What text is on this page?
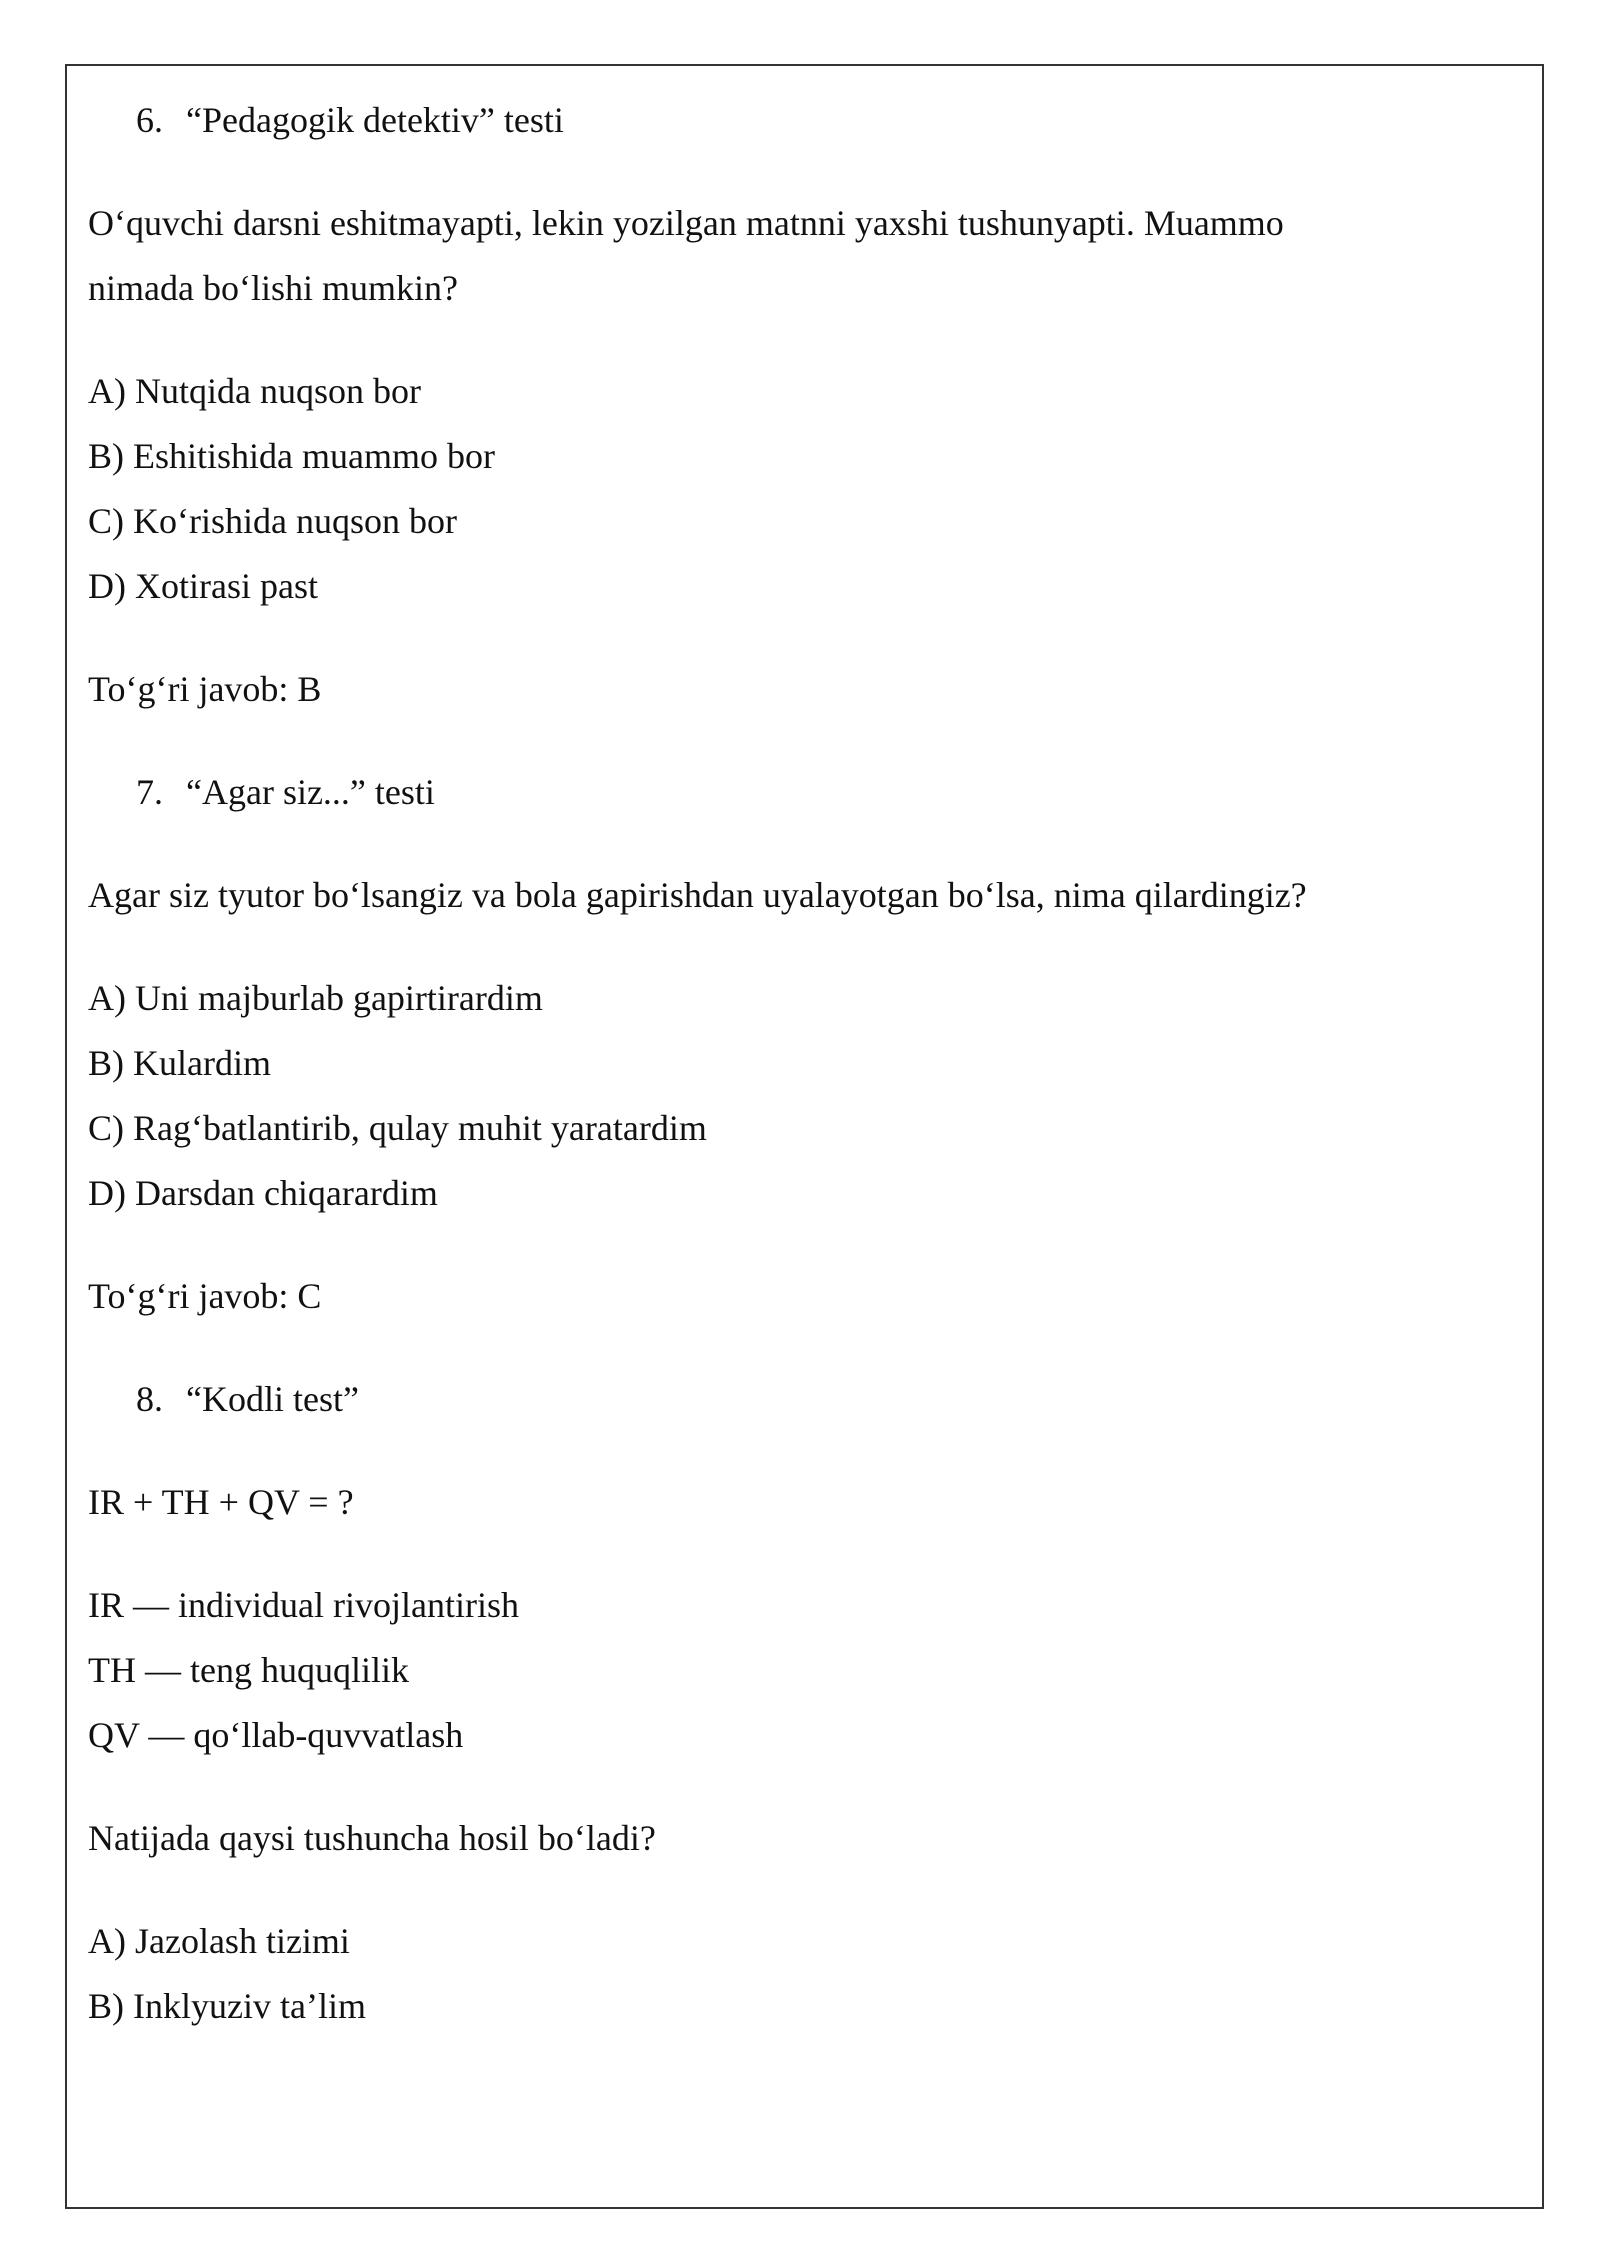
6. “Pedagogik detektiv” testi

O‘quvchi darsni eshitmayapti, lekin yozilgan matnni yaxshi tushunyapti. Muammo

nimada bo‘lishi mumkin?

A) Nutqida nuqson bor

B) Eshitishida muammo bor

C) Ko‘rishida nuqson bor

D) Xotirasi past

To‘g‘ri javob: B

7. “Agar siz...” testi

Agar siz tyutor bo‘lsangiz va bola gapirishdan uyalayotgan bo‘lsa, nima qilardingiz?

A) Uni majburlab gapirtirardim

B) Kulardim

C) Rag‘batlantirib, qulay muhit yaratardim

D) Darsdan chiqarardim

To‘g‘ri javob: C

8. “Kodli test”

IR + TH + QV = ?

IR — individual rivojlantirish

TH — teng huquqlilik

QV — qo‘llab-quvvatlash

Natijada qaysi tushuncha hosil bo‘ladi?

A) Jazolash tizimi

B) Inklyuziv ta’lim
